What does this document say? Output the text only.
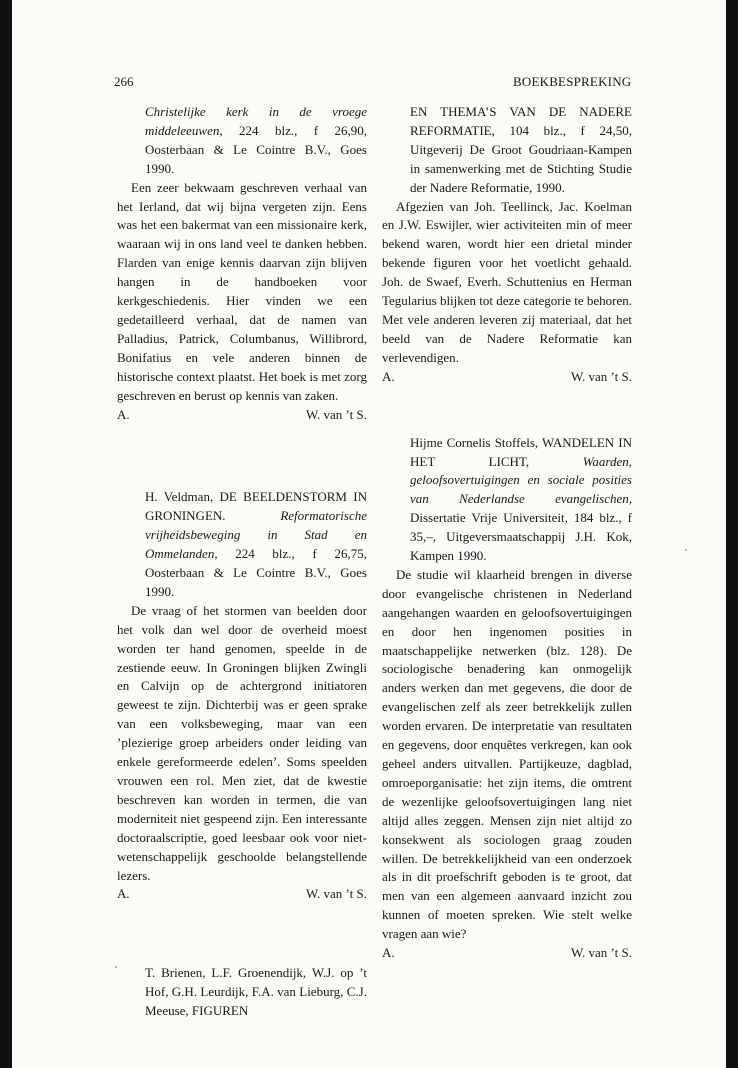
266	BOEKBESPREKING

Christelijke kerk in de vroege middeleeuwen, 224 blz., f 26,90, Oosterbaan & Le Cointre B.V., Goes 1990.

Een zeer bekwaam geschreven verhaal van het Ierland, dat wij bijna vergeten zijn. Eens was het een bakermat van een missionaire kerk, waaraan wij in ons land veel te danken hebben. Flarden van enige kennis daarvan zijn blijven hangen in de handboeken voor kerkgeschiedenis. Hier vinden we een gedetailleerd verhaal, dat de namen van Palladius, Patrick, Columbanus, Willibrord, Bonifatius en vele anderen binnen de historische context plaatst. Het boek is met zorg geschreven en berust op kennis van zaken.

A.	W. van ’t S.

H. Veldman, DE BEELDENSTORM IN GRONINGEN. Reformatorische vrijheidsbeweging in Stad en Ommelanden, 224 blz., f 26,75, Oosterbaan & Le Cointre B.V., Goes 1990.

De vraag of het stormen van beelden door het volk dan wel door de overheid moest worden ter hand genomen, speelde in de zestiende eeuw. In Groningen blijken Zwingli en Calvijn op de achtergrond initiatoren geweest te zijn. Dichterbij was er geen sprake van een volksbeweging, maar van een ’plezierige groep arbeiders onder leiding van enkele gereformeerde edelen’. Soms speelden vrouwen een rol. Men ziet, dat de kwestie beschreven kan worden in termen, die van moderniteit niet gespeend zijn. Een interessante doctoraalscriptie, goed leesbaar ook voor niet-wetenschappelijk geschoolde belangstellende lezers.

A.	W. van ’t S.

T. Brienen, L.F. Groenendijk, W.J. op ’t Hof, G.H. Leurdijk, F.A. van Lieburg, C.J. Meeuse, FIGUREN

EN THEMA’S VAN DE NADERE REFORMATIE, 104 blz., f 24,50, Uitgeverij De Groot Goudriaan-Kampen in samenwerking met de Stichting Studie der Nadere Reformatie, 1990.

Afgezien van Joh. Teellinck, Jac. Koelman en J.W. Eswijler, wier activiteiten min of meer bekend waren, wordt hier een drietal minder bekende figuren voor het voetlicht gehaald. Joh. de Swaef, Everh. Schuttenius en Herman Tegularius blijken tot deze categorie te behoren. Met vele anderen leveren zij materiaal, dat het beeld van de Nadere Reformatie kan verlevendigen.

A.	W. van ’t S.

Hijme Cornelis Stoffels, WANDELEN IN HET LICHT, Waarden, geloofsovertuigingen en sociale posities van Nederlandse evangelischen, Dissertatie Vrije Universiteit, 184 blz., f 35,–, Uitgeversmaatschappij J.H. Kok, Kampen 1990.

De studie wil klaarheid brengen in diverse door evangelische christenen in Nederland aangehangen waarden en geloofsovertuigingen en door hen ingenomen posities in maatschappelijke netwerken (blz. 128). De sociologische benadering kan onmogelijk anders werken dan met gegevens, die door de evangelischen zelf als zeer betrekkelijk zullen worden ervaren. De interpretatie van resultaten en gegevens, door enquêtes verkregen, kan ook geheel anders uitvallen. Partijkeuze, dagblad, omroeporganisatie: het zijn items, die omtrent de wezenlijke geloofsovertuigingen lang niet altijd alles zeggen. Mensen zijn niet altijd zo konsekwent als sociologen graag zouden willen. De betrekkelijkheid van een onderzoek als in dit proefschrift geboden is te groot, dat men van een algemeen aanvaard inzicht zou kunnen of moeten spreken. Wie stelt welke vragen aan wie?

A.	W. van ’t S.
